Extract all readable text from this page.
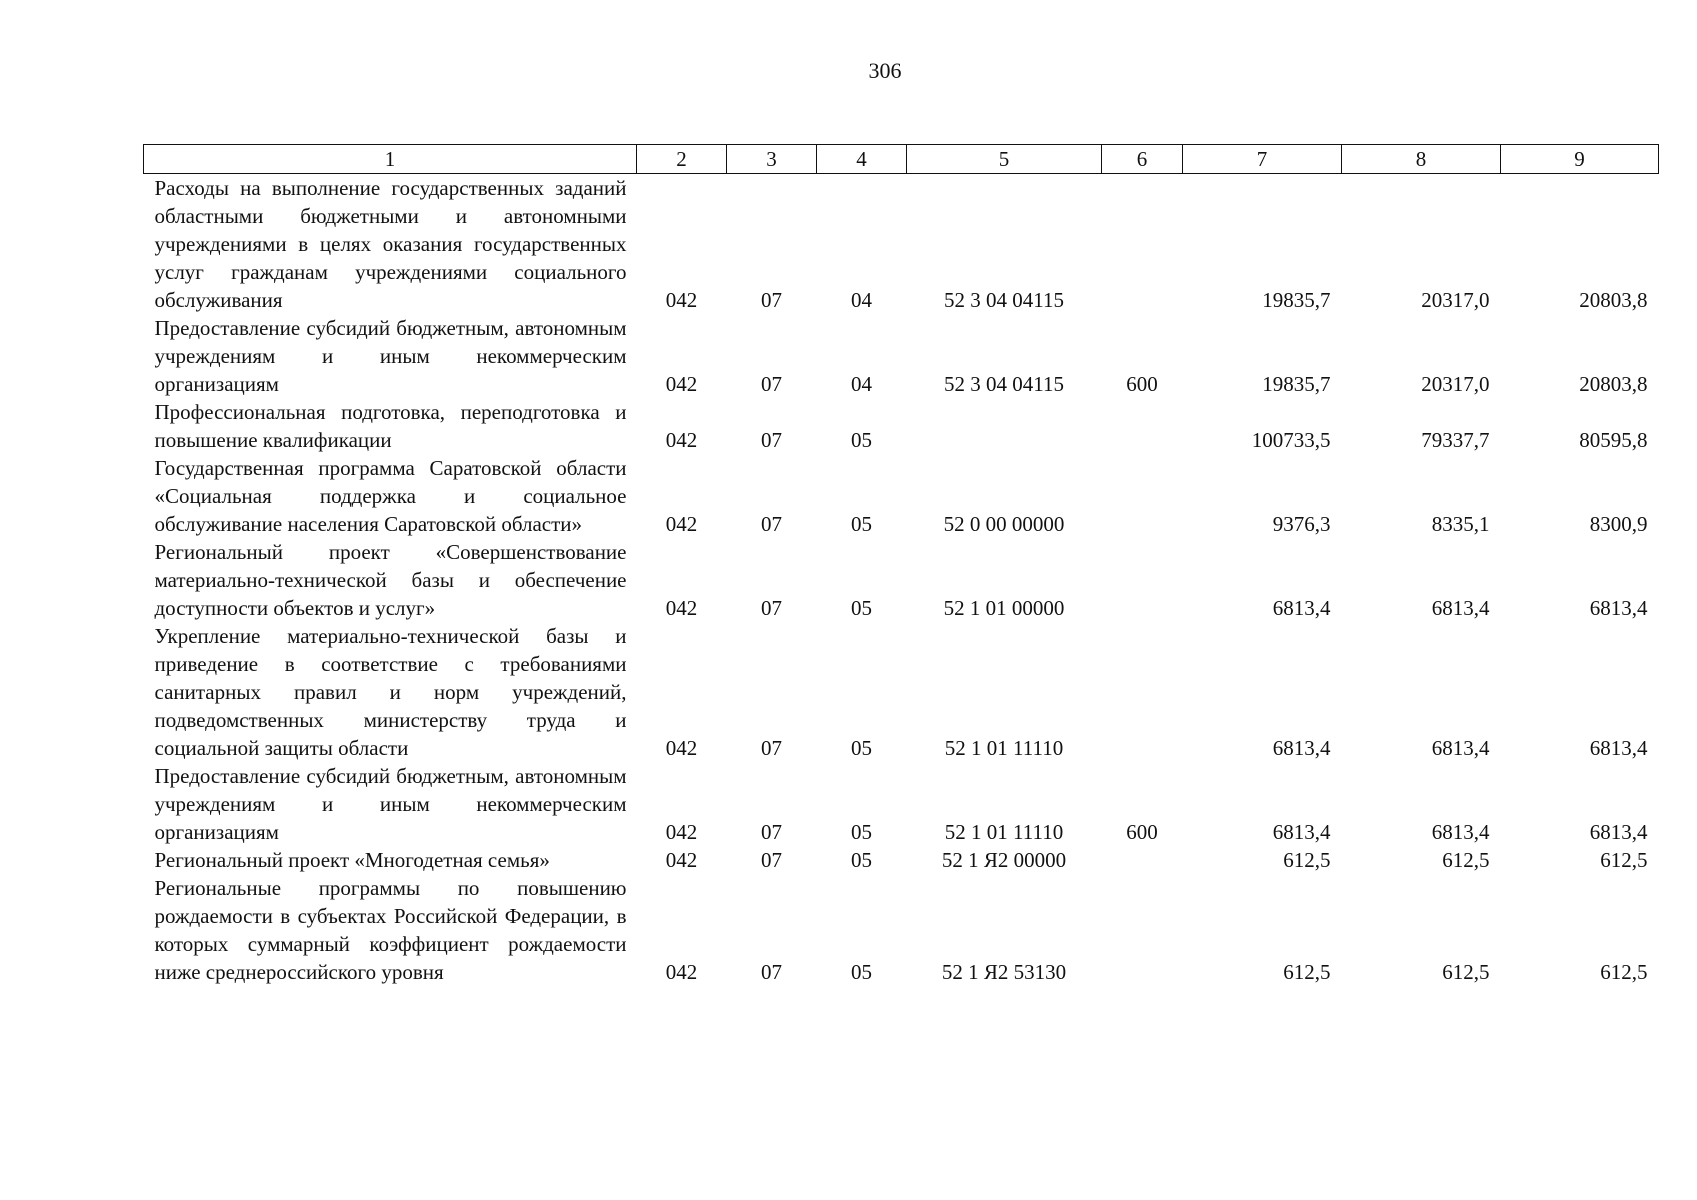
306
1	2	3	4	5	6	7	8	9
Расходы на выполнение государственных заданий областными бюджетными и автономными учреждениями в целях оказания государственных услуг гражданам учреждениями социального обслуживания	042	07	04	52 3 04 04115		19835,7	20317,0	20803,8
Предоставление субсидий бюджетным, автономным учреждениям и иным некоммерческим организациям	042	07	04	52 3 04 04115	600	19835,7	20317,0	20803,8
Профессиональная подготовка, переподготовка и повышение квалификации	042	07	05			100733,5	79337,7	80595,8
Государственная программа Саратовской области «Социальная поддержка и социальное обслуживание населения Саратовской области»	042	07	05	52 0 00 00000		9376,3	8335,1	8300,9
Региональный проект «Совершенствование материально-технической базы и обеспечение доступности объектов и услуг»	042	07	05	52 1 01 00000		6813,4	6813,4	6813,4
Укрепление материально-технической базы и приведение в соответствие с требованиями санитарных правил и норм учреждений, подведомственных министерству труда и социальной защиты области	042	07	05	52 1 01 11110		6813,4	6813,4	6813,4
Предоставление субсидий бюджетным, автономным учреждениям и иным некоммерческим организациям	042	07	05	52 1 01 11110	600	6813,4	6813,4	6813,4
Региональный проект «Многодетная семья»	042	07	05	52 1 Я2 00000		612,5	612,5	612,5
Региональные программы по повышению рождаемости в субъектах Российской Федерации, в которых суммарный коэффициент рождаемости ниже среднероссийского уровня	042	07	05	52 1 Я2 53130		612,5	612,5	612,5
